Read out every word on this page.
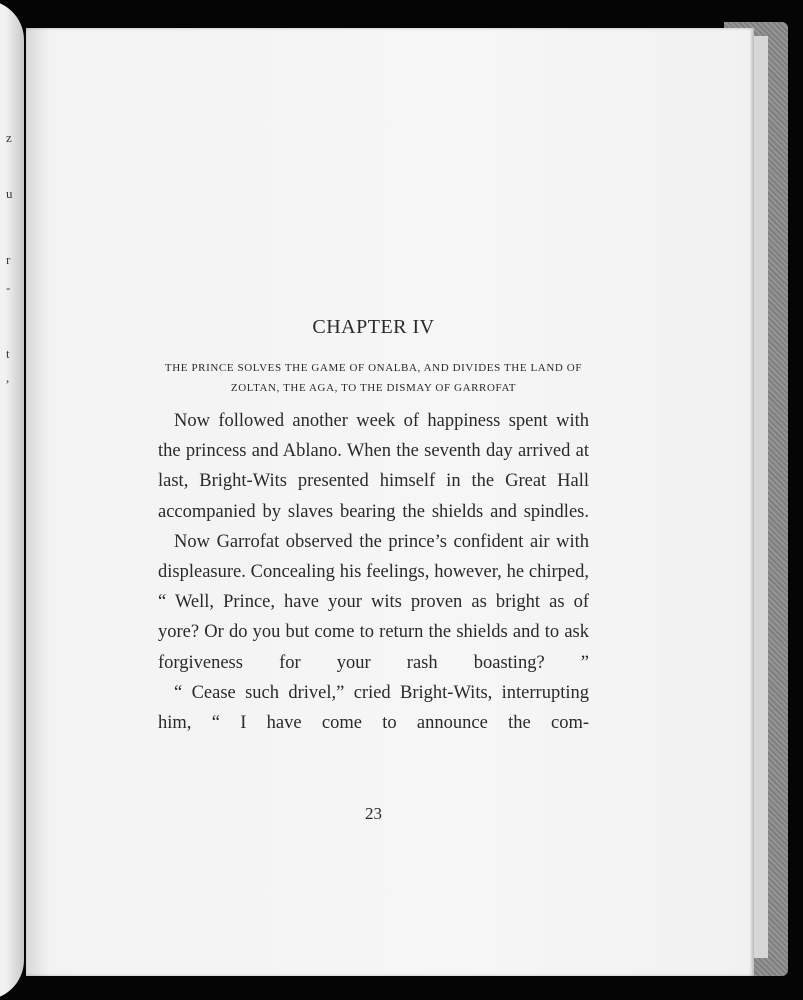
z
u
r
-
t
,
CHAPTER IV
THE PRINCE SOLVES THE GAME OF ONALBA, AND DIVIDES THE LAND OF ZOLTAN, THE AGA, TO THE DISMAY OF GARROFAT

Now followed another week of happiness spent with the princess and Ablano. When the seventh day arrived at last, Bright-Wits presented himself in the Great Hall accompanied by slaves bearing the shields and spindles.

Now Garrofat observed the prince’s confident air with displeasure. Concealing his feelings, however, he chirped, “ Well, Prince, have your wits proven as bright as of yore? Or do you but come to return the shields and to ask forgiveness for your rash boasting? ”

“ Cease such drivel,” cried Bright-Wits, interrupting him, “ I have come to announce the com-

23
